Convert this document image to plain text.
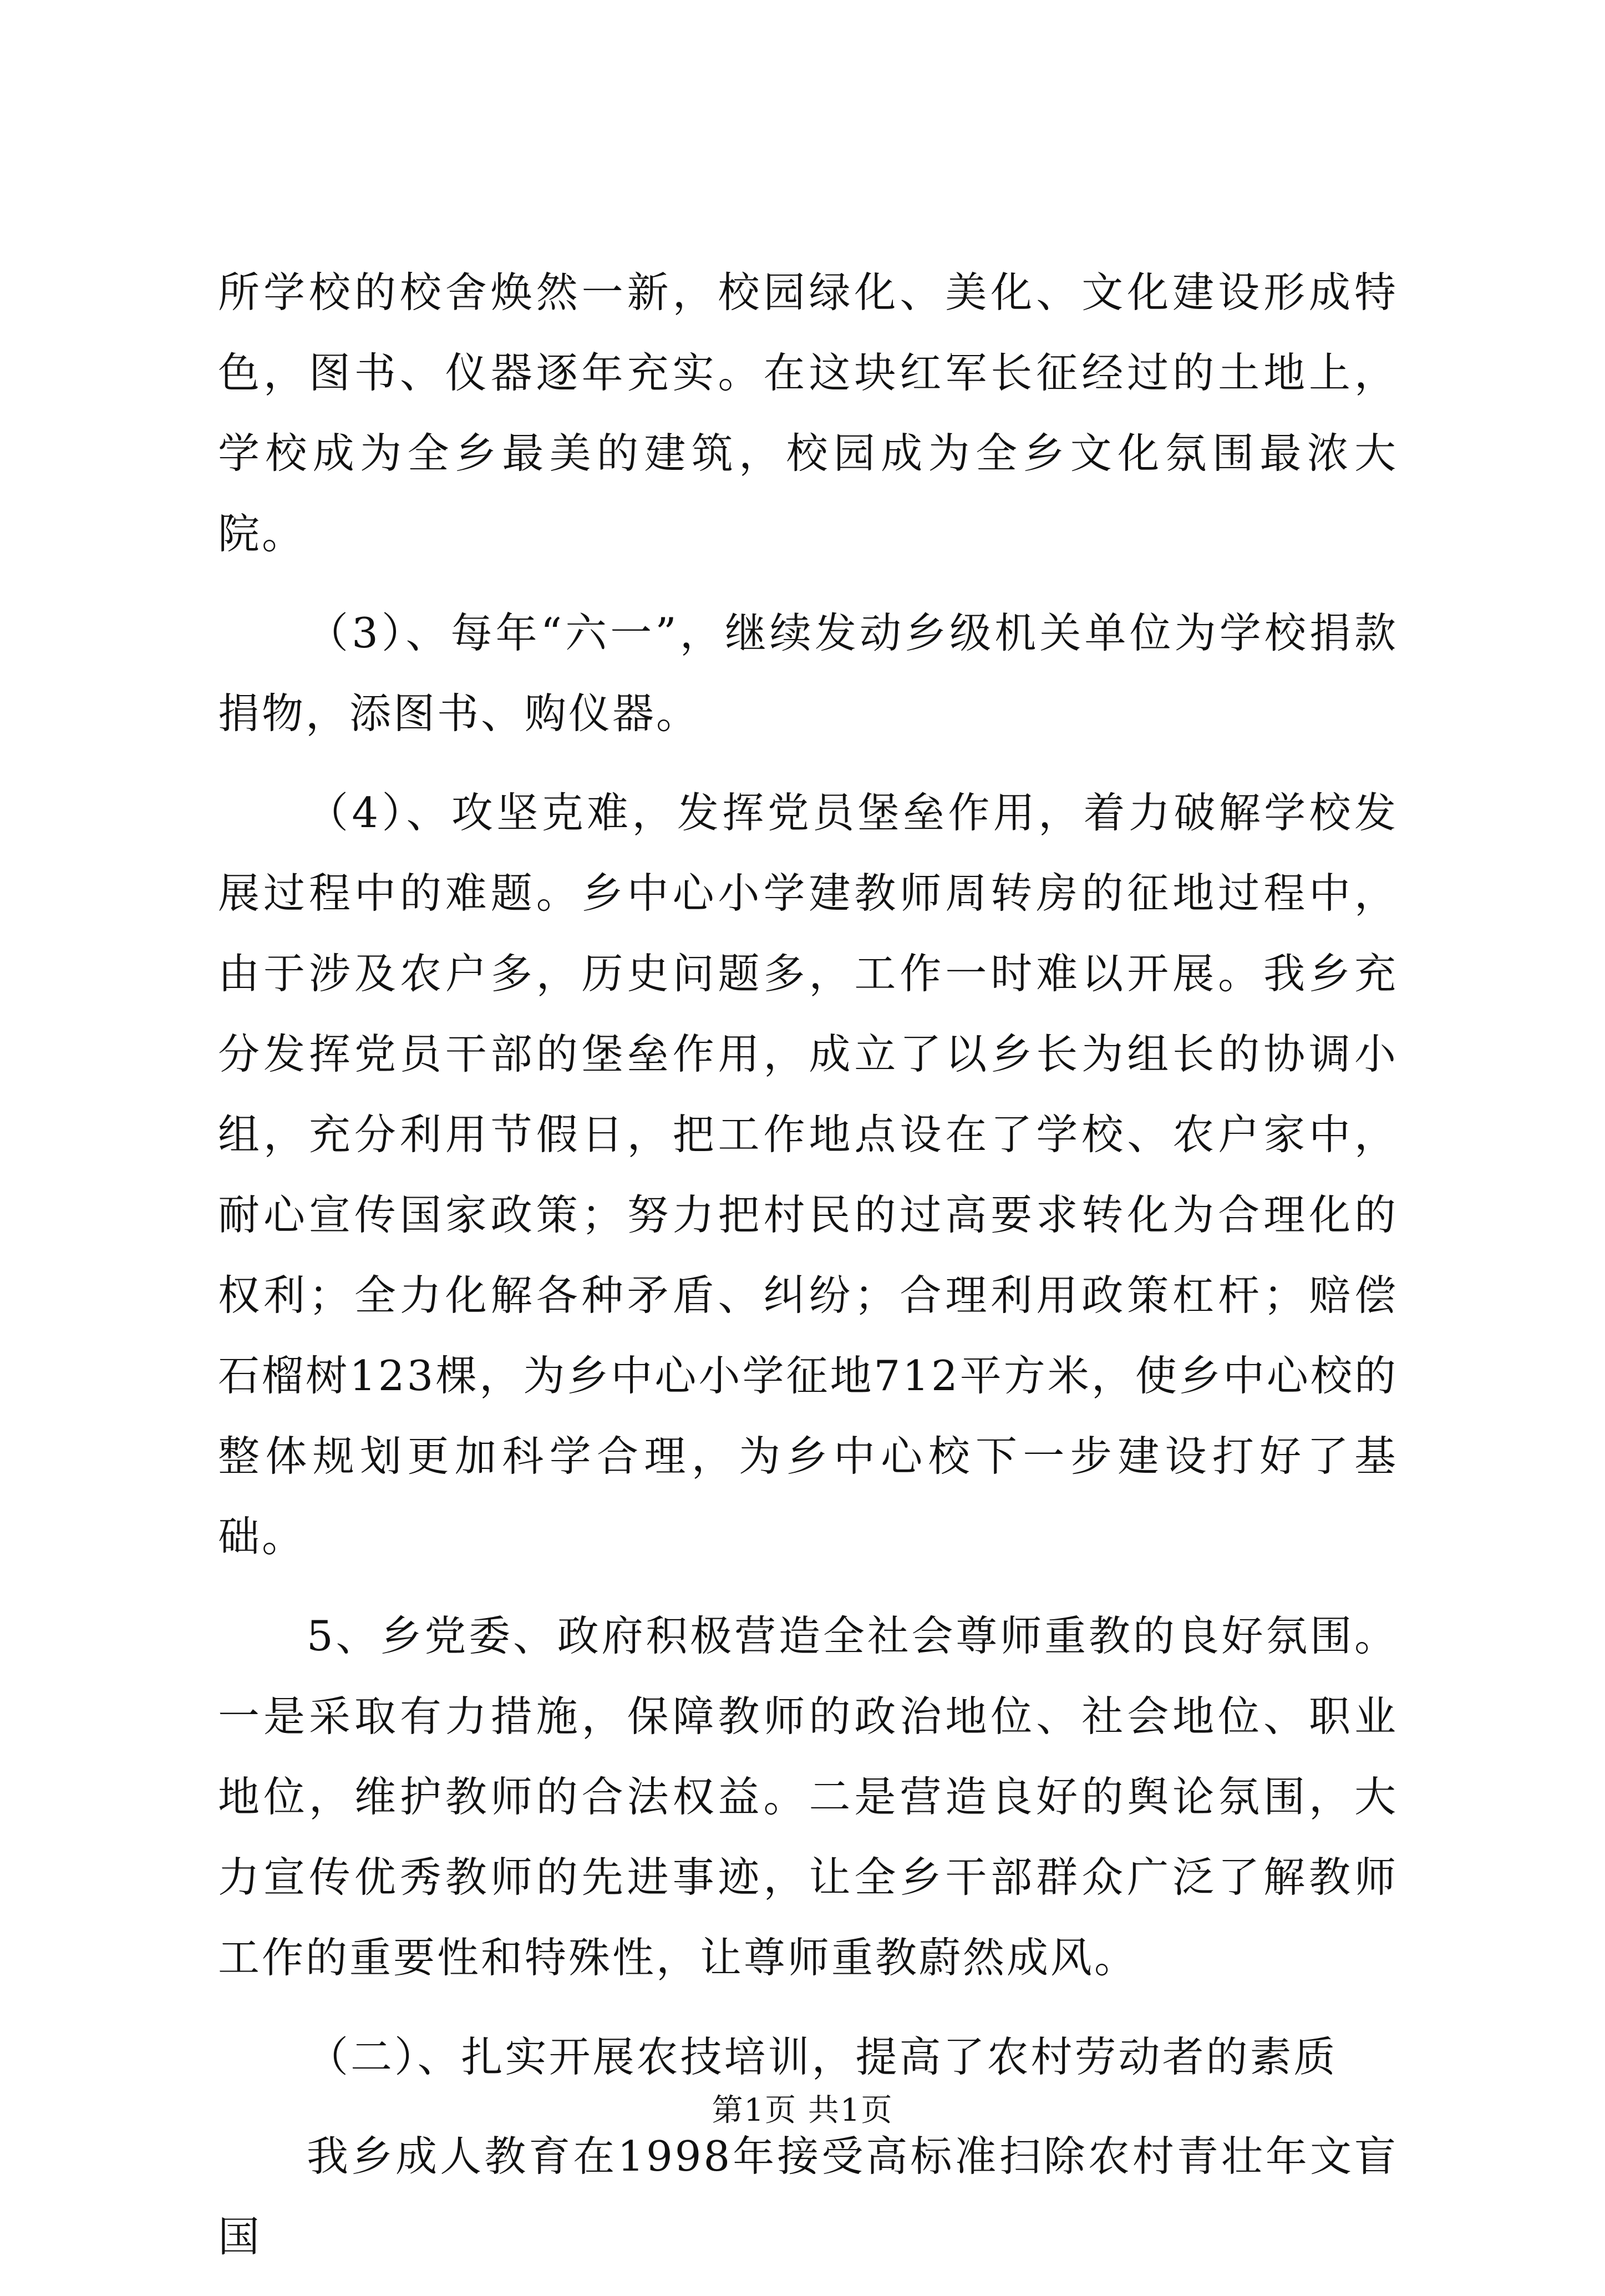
所学校的校舍焕然一新，校园绿化、美化、文化建设形成特色，图书、仪器逐年充实。在这块红军长征经过的土地上，学校成为全乡最美的建筑，校园成为全乡文化氛围最浓大院。

（3）、每年“六一”，继续发动乡级机关单位为学校捐款捐物，添图书、购仪器。

（4）、攻坚克难，发挥党员堡垒作用，着力破解学校发展过程中的难题。乡中心小学建教师周转房的征地过程中，由于涉及农户多，历史问题多，工作一时难以开展。我乡充分发挥党员干部的堡垒作用，成立了以乡长为组长的协调小组，充分利用节假日，把工作地点设在了学校、农户家中，耐心宣传国家政策；努力把村民的过高要求转化为合理化的权利；全力化解各种矛盾、纠纷；合理利用政策杠杆；赔偿石榴树123棵，为乡中心小学征地712平方米，使乡中心校的整体规划更加科学合理，为乡中心校下一步建设打好了基础。

5、乡党委、政府积极营造全社会尊师重教的良好氛围。一是采取有力措施，保障教师的政治地位、社会地位、职业地位，维护教师的合法权益。二是营造良好的舆论氛围，大力宣传优秀教师的先进事迹，让全乡干部群众广泛了解教师工作的重要性和特殊性，让尊师重教蔚然成风。

（二）、扎实开展农技培训，提高了农村劳动者的素质

我乡成人教育在1998年接受高标准扫除农村青壮年文盲国

第1页 共1页
